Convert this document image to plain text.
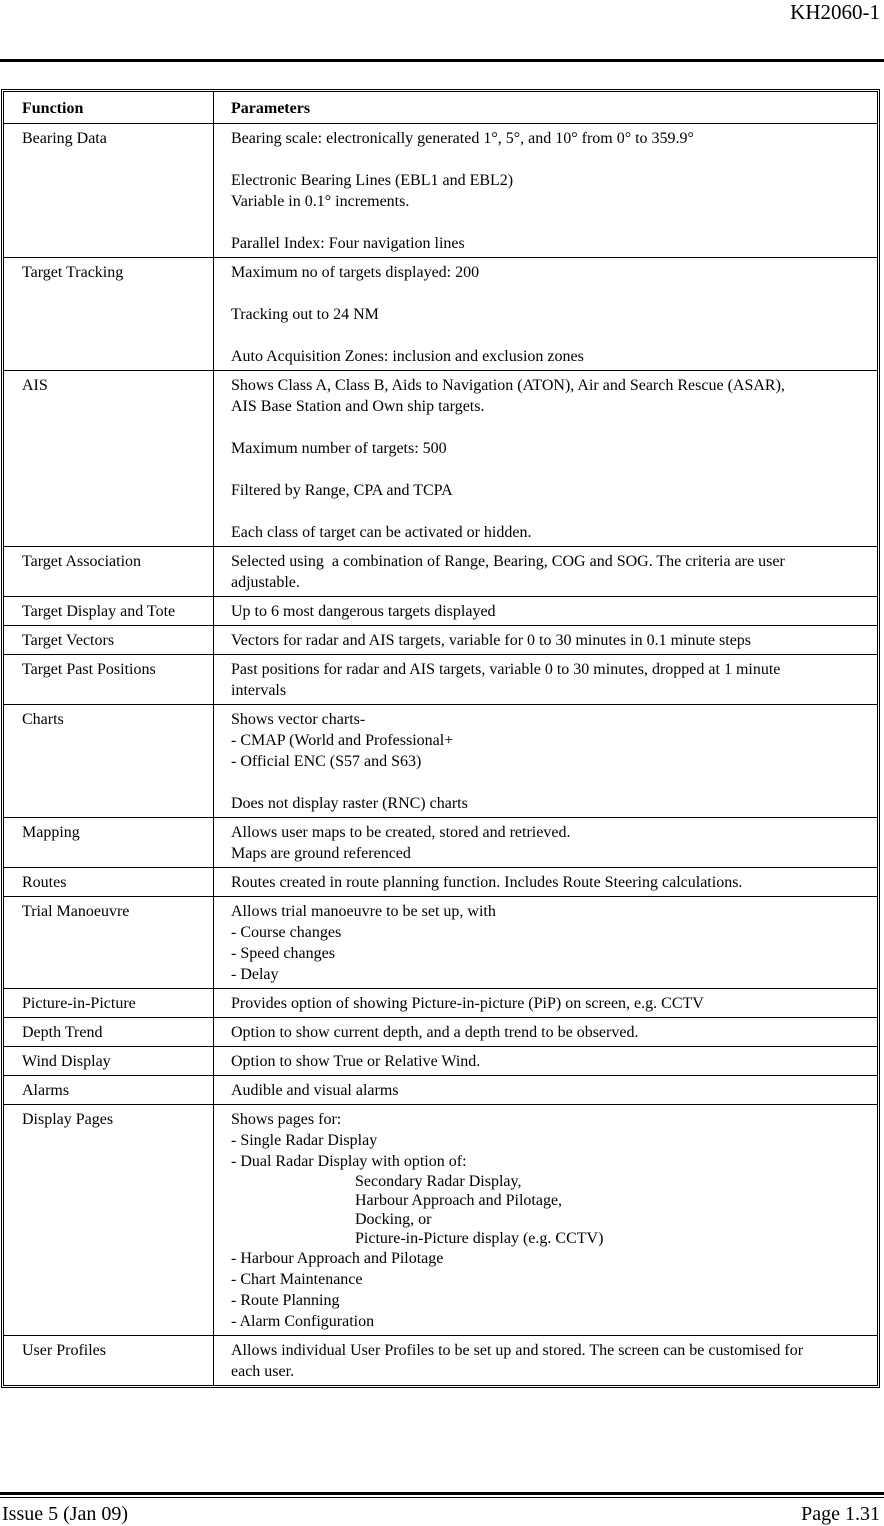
KH2060-1
Function	Parameters
Bearing Data	Bearing scale: electronically generated 1°, 5°, and 10° from 0° to 359.9°
Electronic Bearing Lines (EBL1 and EBL2)
Variable in 0.1° increments.
Parallel Index: Four navigation lines
Target Tracking	Maximum no of targets displayed: 200
Tracking out to 24 NM
Auto Acquisition Zones: inclusion and exclusion zones
AIS	Shows Class A, Class B, Aids to Navigation (ATON), Air and Search Rescue (ASAR),
AIS Base Station and Own ship targets.
Maximum number of targets: 500
Filtered by Range, CPA and TCPA
Each class of target can be activated or hidden.
Target Association	Selected using  a combination of Range, Bearing, COG and SOG. The criteria are user
adjustable.
Target Display and Tote	Up to 6 most dangerous targets displayed
Target Vectors	Vectors for radar and AIS targets, variable for 0 to 30 minutes in 0.1 minute steps
Target Past Positions	Past positions for radar and AIS targets, variable 0 to 30 minutes, dropped at 1 minute
intervals
Charts	Shows vector charts-
- CMAP (World and Professional+
- Official ENC (S57 and S63)
Does not display raster (RNC) charts
Mapping	Allows user maps to be created, stored and retrieved.
Maps are ground referenced
Routes	Routes created in route planning function. Includes Route Steering calculations.
Trial Manoeuvre	Allows trial manoeuvre to be set up, with
- Course changes
- Speed changes
- Delay
Picture-in-Picture	Provides option of showing Picture-in-picture (PiP) on screen, e.g. CCTV
Depth Trend	Option to show current depth, and a depth trend to be observed.
Wind Display	Option to show True or Relative Wind.
Alarms	Audible and visual alarms
Display Pages	Shows pages for:
- Single Radar Display
- Dual Radar Display with option of:
Secondary Radar Display,
Harbour Approach and Pilotage,
Docking, or
Picture-in-Picture display (e.g. CCTV)
- Harbour Approach and Pilotage
- Chart Maintenance
- Route Planning
- Alarm Configuration
User Profiles	Allows individual User Profiles to be set up and stored. The screen can be customised for
each user.
Issue 5 (Jan 09)	Page 1.31
